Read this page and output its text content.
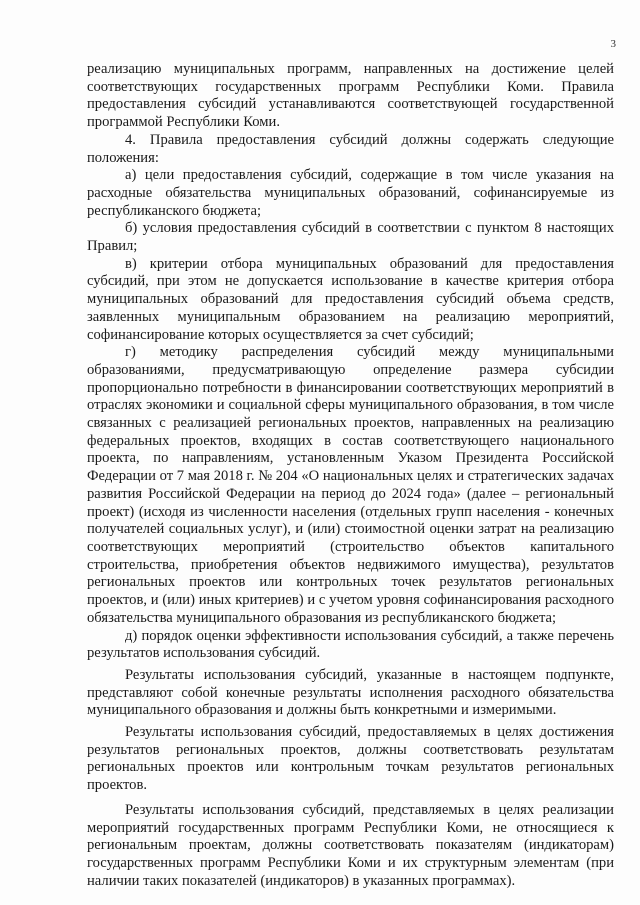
3

реализацию муниципальных программ, направленных на достижение целей соответствующих государственных программ Республики Коми. Правила предоставления субсидий устанавливаются соответствующей государственной программой Республики Коми.

4. Правила предоставления субсидий должны содержать следующие положения:

а) цели предоставления субсидий, содержащие в том числе указания на расходные обязательства муниципальных образований, софинансируемые из республиканского бюджета;

б) условия предоставления субсидий в соответствии с пунктом 8 настоящих Правил;

в) критерии отбора муниципальных образований для предоставления субсидий, при этом не допускается использование в качестве критерия отбора муниципальных образований для предоставления субсидий объема средств, заявленных муниципальным образованием на реализацию мероприятий, софинансирование которых осуществляется за счет субсидий;

г) методику распределения субсидий между муниципальными образованиями, предусматривающую определение размера субсидии пропорционально потребности в финансировании соответствующих мероприятий в отраслях экономики и социальной сферы муниципального образования, в том числе связанных с реализацией региональных проектов, направленных на реализацию федеральных проектов, входящих в состав соответствующего национального проекта, по направлениям, установленным Указом Президента Российской Федерации от 7 мая 2018 г. № 204 «О национальных целях и стратегических задачах развития Российской Федерации на период до 2024 года» (далее – региональный проект) (исходя из численности населения (отдельных групп населения - конечных получателей социальных услуг), и (или) стоимостной оценки затрат на реализацию соответствующих мероприятий (строительство объектов капитального строительства, приобретения объектов недвижимого имущества), результатов региональных проектов или контрольных точек результатов региональных проектов, и (или) иных критериев) и с учетом уровня софинансирования расходного обязательства муниципального образования из республиканского бюджета;

д) порядок оценки эффективности использования субсидий, а также перечень результатов использования субсидий.

Результаты использования субсидий, указанные в настоящем подпункте, представляют собой конечные результаты исполнения расходного обязательства муниципального образования и должны быть конкретными и измеримыми.

Результаты использования субсидий, предоставляемых в целях достижения результатов региональных проектов, должны соответствовать результатам региональных проектов или контрольным точкам результатов региональных проектов.

Результаты использования субсидий, представляемых в целях реализации мероприятий государственных программ Республики Коми, не относящиеся к региональным проектам, должны соответствовать показателям (индикаторам) государственных программ Республики Коми и их структурным элементам (при наличии таких показателей (индикаторов) в указанных программах).
